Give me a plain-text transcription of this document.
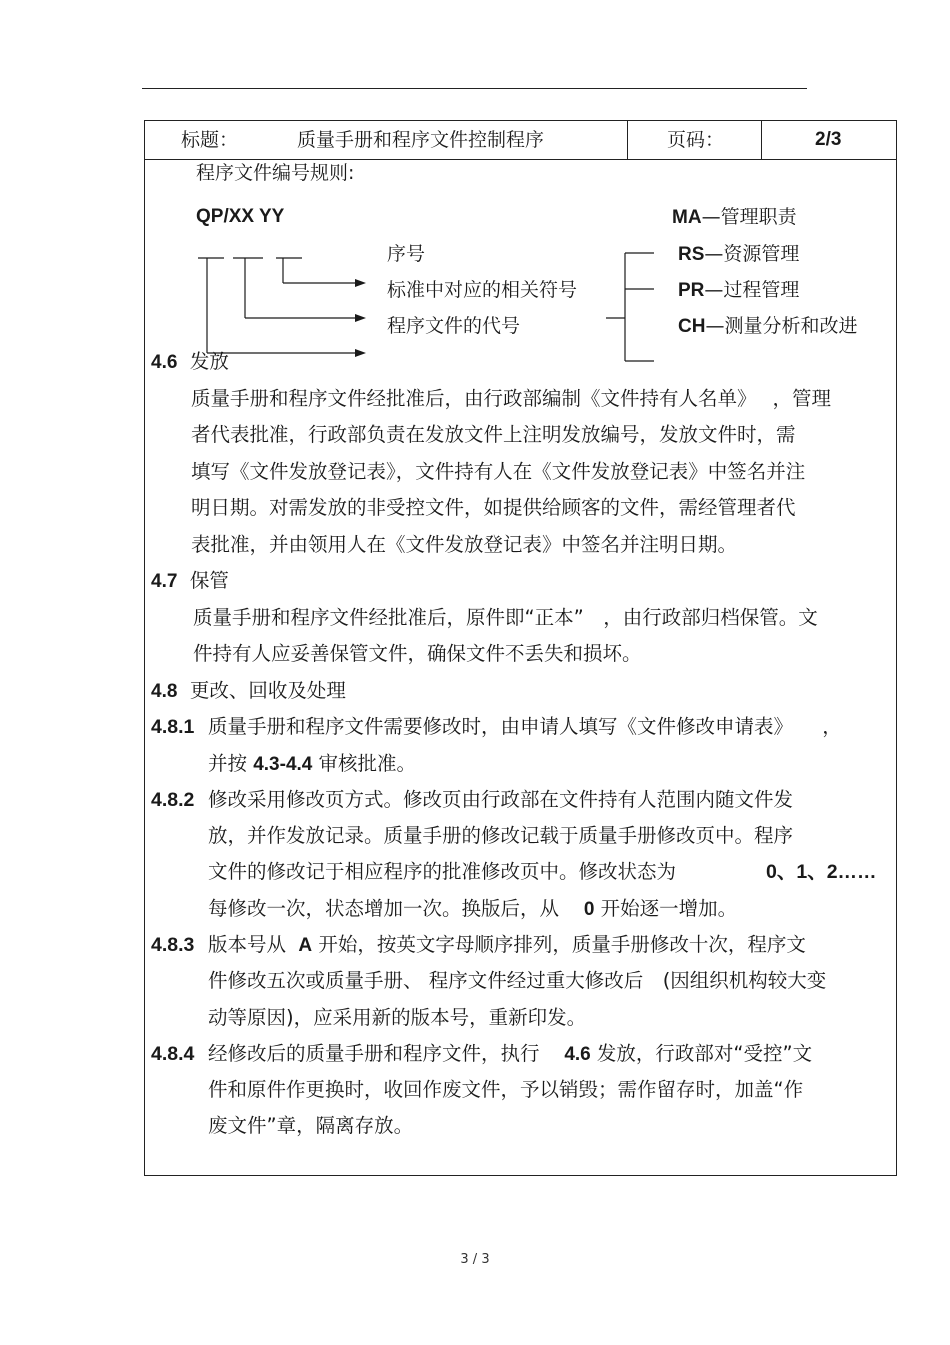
标题：	质量手册和程序文件控制程序	页码：	2/3
程序文件编号规则:
QP/XX YY
序号
标准中对应的相关符号
程序文件的代号
MA—管理职责
RS—资源管理
PR—过程管理
CH—测量分析和改进
4.6 发放
质量手册和程序文件经批准后，由行政部编制《文件持有人名单》　 ，管理
者代表批准，行政部负责在发放文件上注明发放编号，发放文件时，需
填写《文件发放登记表》，文件持有人在《文件发放登记表》中签名并注
明日期。对需发放的非受控文件，如提供给顾客的文件，需经管理者代
表批准，并由领用人在《文件发放登记表》中签名并注明日期。
4.7 保管
质量手册和程序文件经批准后，原件即“正本”　，由行政部归档保管。文
件持有人应妥善保管文件，确保文件不丢失和损坏。
4.8 更改、回收及处理
4.8.1 质量手册和程序文件需要修改时，由申请人填写《文件修改申请表》　　，
并按 4.3-4.4 审核批准。
4.8.2 修改采用修改页方式。修改页由行政部在文件持有人范围内随文件发
放，并作发放记录。质量手册的修改记载于质量手册修改页中。程序
文件的修改记于相应程序的批准修改页中。修改状态为	0、1、2……
每修改一次，状态增加一次。换版后，从 0 开始逐一增加。
4.8.3 版本号从 A 开始，按英文字母顺序排列，质量手册修改十次，程序文
件修改五次或质量手册、 程序文件经过重大修改后　(因组织机构较大变
动等原因)，应采用新的版本号，重新印发。
4.8.4 经修改后的质量手册和程序文件，执行 4.6 发放，行政部对“受控”文
件和原件作更换时，收回作废文件，予以销毁；需作留存时，加盖“作
废文件”章，隔离存放。
3 / 3
